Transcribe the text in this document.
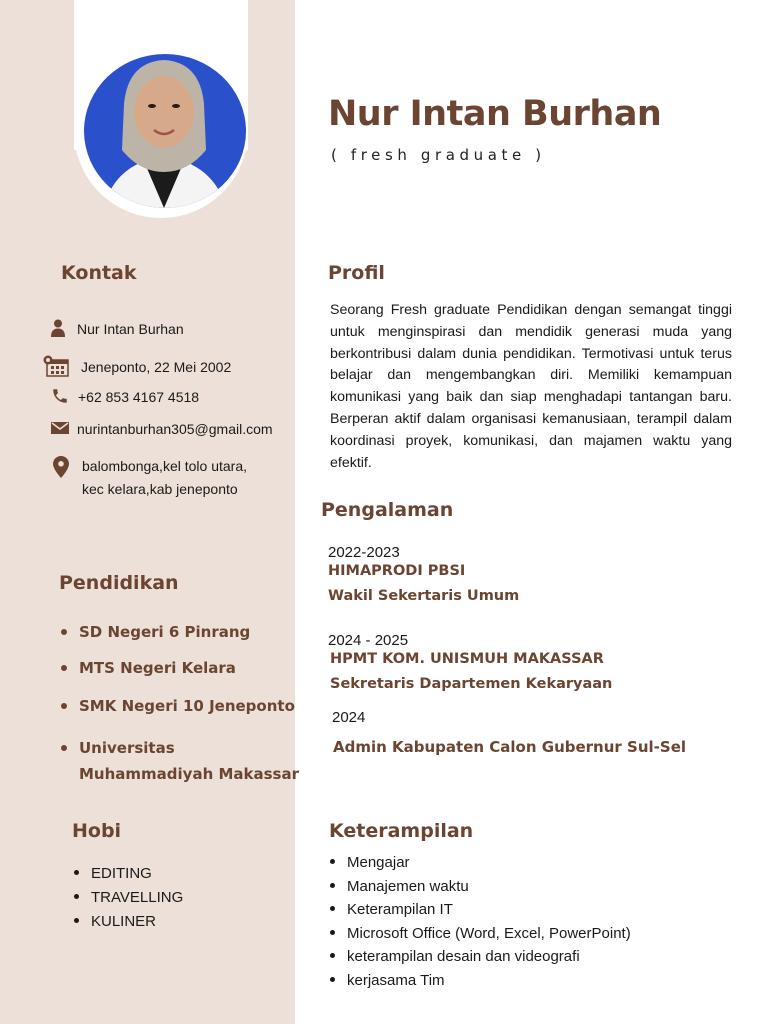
Nur Intan Burhan
( fresh graduate )
Kontak
Nur Intan Burhan
Jeneponto, 22 Mei 2002
+62 853 4167 4518
nurintanburhan305@gmail.com
balombonga,kel tolo utara,
kec kelara,kab jeneponto
Pendidikan
SD Negeri 6 Pinrang
MTS Negeri Kelara
SMK Negeri 10 Jeneponto
Universitas
Muhammadiyah Makassar
Hobi
EDITING
TRAVELLING
KULINER
Profil

Seorang Fresh graduate Pendidikan dengan semangat tinggi untuk menginspirasi dan mendidik generasi muda yang berkontribusi dalam dunia pendidikan. Termotivasi untuk terus belajar dan mengembangkan diri. Memiliki kemampuan komunikasi yang baik dan siap menghadapi tantangan baru. Berperan aktif dalam organisasi kemanusiaan, terampil dalam koordinasi proyek, komunikasi, dan majamen waktu yang efektif.

Pengalaman
2022-2023
HIMAPRODI PBSI
Wakil Sekertaris Umum
2024 - 2025
HPMT KOM. UNISMUH MAKASSAR
Sekretaris Dapartemen Kekaryaan
2024
Admin Kabupaten Calon Gubernur Sul-Sel
Keterampilan
Mengajar
Manajemen waktu
Keterampilan IT
Microsoft Office (Word, Excel, PowerPoint)
keterampilan desain dan videografi
kerjasama Tim
